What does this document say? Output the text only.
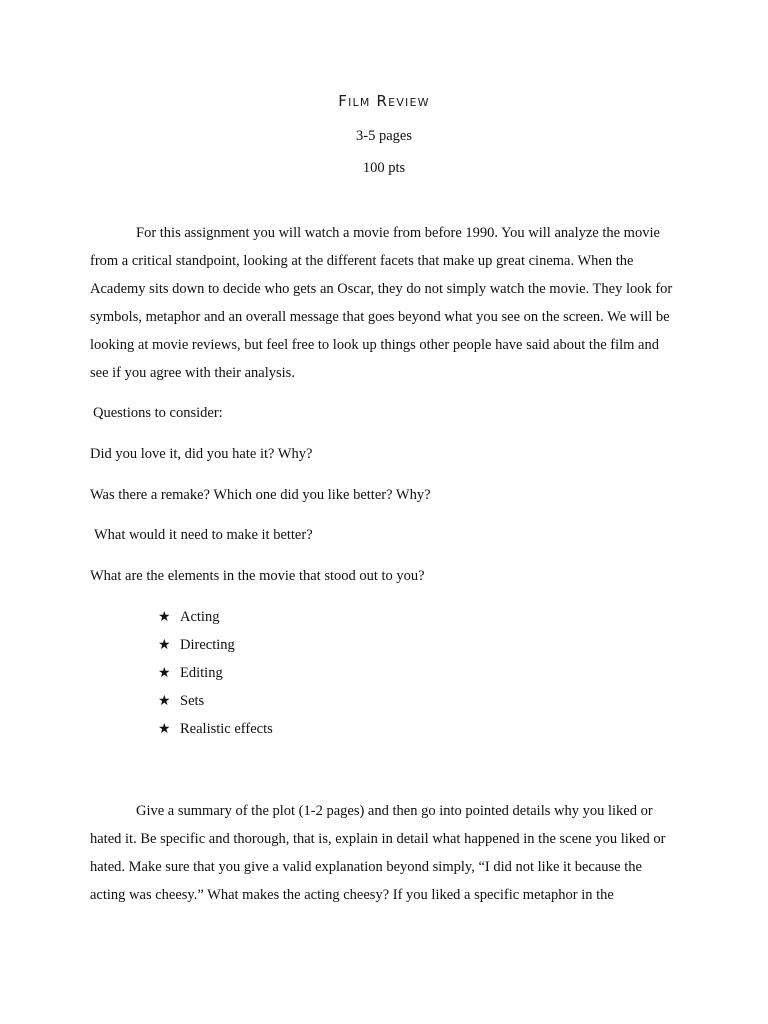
Film Review
3-5 pages
100 pts

For this assignment you will watch a movie from before 1990. You will analyze the movie from a critical standpoint, looking at the different facets that make up great cinema. When the Academy sits down to decide who gets an Oscar, they do not simply watch the movie. They look for symbols, metaphor and an overall message that goes beyond what you see on the screen. We will be looking at movie reviews, but feel free to look up things other people have said about the film and see if you agree with their analysis.

Questions to consider:
Did you love it, did you hate it? Why?
Was there a remake? Which one did you like better? Why?
What would it need to make it better?
What are the elements in the movie that stood out to you?
★ Acting
★ Directing
★ Editing
★ Sets
★ Realistic effects

Give a summary of the plot (1-2 pages) and then go into pointed details why you liked or hated it. Be specific and thorough, that is, explain in detail what happened in the scene you liked or hated. Make sure that you give a valid explanation beyond simply, “I did not like it because the acting was cheesy.” What makes the acting cheesy? If you liked a specific metaphor in the
